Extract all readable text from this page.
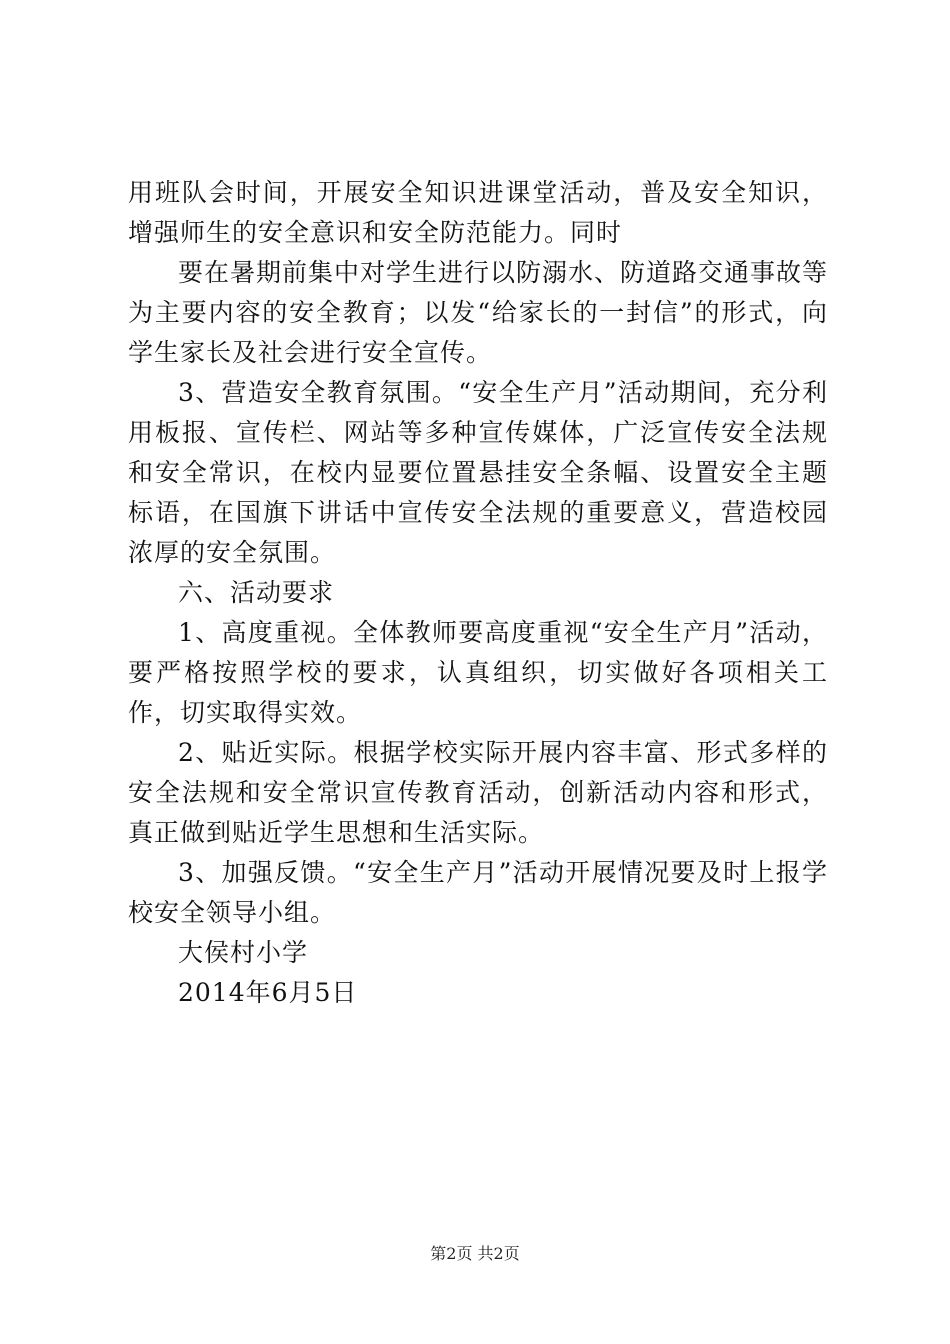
用班队会时间，开展安全知识进课堂活动，普及安全知识，增强师生的安全意识和安全防范能力。同时

要在暑期前集中对学生进行以防溺水、防道路交通事故等为主要内容的安全教育；以发“给家长的一封信”的形式，向学生家长及社会进行安全宣传。

3、营造安全教育氛围。“安全生产月”活动期间，充分利用板报、宣传栏、网站等多种宣传媒体，广泛宣传安全法规和安全常识，在校内显要位置悬挂安全条幅、设置安全主题标语，在国旗下讲话中宣传安全法规的重要意义，营造校园浓厚的安全氛围。

六、活动要求

1、高度重视。全体教师要高度重视“安全生产月”活动，要严格按照学校的要求，认真组织，切实做好各项相关工作，切实取得实效。

2、贴近实际。根据学校实际开展内容丰富、形式多样的安全法规和安全常识宣传教育活动，创新活动内容和形式，真正做到贴近学生思想和生活实际。

3、加强反馈。“安全生产月”活动开展情况要及时上报学校安全领导小组。

大侯村小学

2014年6月5日

第2页 共2页
